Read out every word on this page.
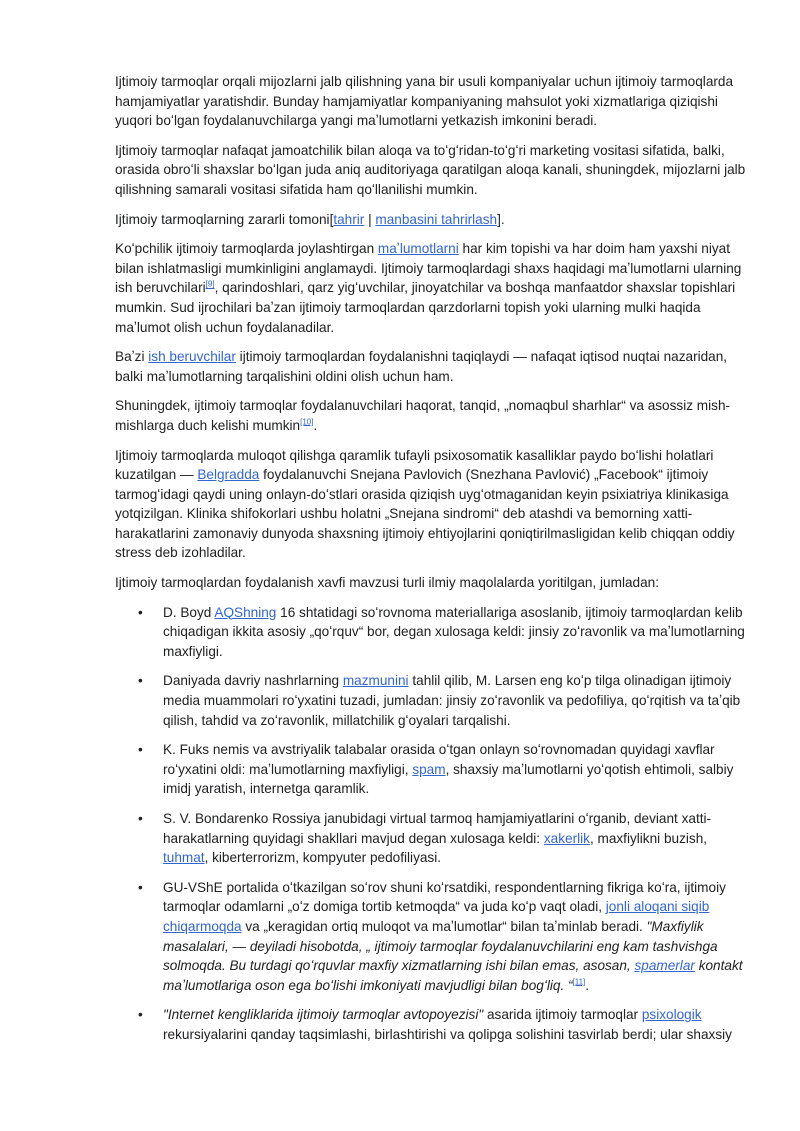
Ijtimoiy tarmoqlar orqali mijozlarni jalb qilishning yana bir usuli kompaniyalar uchun ijtimoiy tarmoqlarda hamjamiyatlar yaratishdir. Bunday hamjamiyatlar kompaniyaning mahsulot yoki xizmatlariga qiziqishi yuqori boʻlgan foydalanuvchilarga yangi maʼlumotlarni yetkazish imkonini beradi.

Ijtimoiy tarmoqlar nafaqat jamoatchilik bilan aloqa va toʻgʻridan-toʻgʻri marketing vositasi sifatida, balki, orasida obroʻli shaxslar boʻlgan juda aniq auditoriyaga qaratilgan aloqa kanali, shuningdek, mijozlarni jalb qilishning samarali vositasi sifatida ham qoʻllanilishi mumkin.

Ijtimoiy tarmoqlarning zararli tomoni[tahrir | manbasini tahrirlash].

Koʻpchilik ijtimoiy tarmoqlarda joylashtirgan maʼlumotlarni har kim topishi va har doim ham yaxshi niyat bilan ishlatmasligi mumkinligini anglamaydi. Ijtimoiy tarmoqlardagi shaxs haqidagi maʼlumotlarni ularning ish beruvchilari[9], qarindoshlari, qarz yigʻuvchilar, jinoyatchilar va boshqa manfaatdor shaxslar topishlari mumkin. Sud ijrochilari baʼzan ijtimoiy tarmoqlardan qarzdorlarni topish yoki ularning mulki haqida maʼlumot olish uchun foydalanadilar.

Baʼzi ish beruvchilar ijtimoiy tarmoqlardan foydalanishni taqiqlaydi — nafaqat iqtisod nuqtai nazaridan, balki maʼlumotlarning tarqalishini oldini olish uchun ham.

Shuningdek, ijtimoiy tarmoqlar foydalanuvchilari haqorat, tanqid, „nomaqbul sharhlar“ va asossiz mish-mishlarga duch kelishi mumkin[10].

Ijtimoiy tarmoqlarda muloqot qilishga qaramlik tufayli psixosomatik kasalliklar paydo boʻlishi holatlari kuzatilgan — Belgradda foydalanuvchi Snejana Pavlovich (Snezhana Pavlović) „Facebook“ ijtimoiy tarmogʻidagi qaydi uning onlayn-doʻstlari orasida qiziqish uygʻotmaganidan keyin psixiatriya klinikasiga yotqizilgan. Klinika shifokorlari ushbu holatni „Snejana sindromi“ deb atashdi va bemorning xatti-harakatlarini zamonaviy dunyoda shaxsning ijtimoiy ehtiyojlarini qoniqtirilmasligidan kelib chiqqan oddiy stress deb izohladilar.

Ijtimoiy tarmoqlardan foydalanish xavfi mavzusi turli ilmiy maqolalarda yoritilgan, jumladan:

• D. Boyd AQShning 16 shtatidagi soʻrovnoma materiallariga asoslanib, ijtimoiy tarmoqlardan kelib chiqadigan ikkita asosiy „qoʻrquv“ bor, degan xulosaga keldi: jinsiy zoʻravonlik va maʼlumotlarning maxfiyligi.
• Daniyada davriy nashrlarning mazmunini tahlil qilib, M. Larsen eng koʻp tilga olinadigan ijtimoiy media muammolari roʻyxatini tuzadi, jumladan: jinsiy zoʻravonlik va pedofiliya, qoʻrqitish va taʼqib qilish, tahdid va zoʻravonlik, millatchilik gʻoyalari tarqalishi.
• K. Fuks nemis va avstriyalik talabalar orasida oʻtgan onlayn soʻrovnomadan quyidagi xavflar roʻyxatini oldi: maʼlumotlarning maxfiyligi, spam, shaxsiy maʼlumotlarni yoʻqotish ehtimoli, salbiy imidj yaratish, internetga qaramlik.
• S. V. Bondarenko Rossiya janubidagi virtual tarmoq hamjamiyatlarini oʻrganib, deviant xatti-harakatlarning quyidagi shakllari mavjud degan xulosaga keldi: xakerlik, maxfiylikni buzish, tuhmat, kiberterrorizm, kompyuter pedofiliyasi.
• GU-VShE portalida oʻtkazilgan soʻrov shuni koʻrsatdiki, respondentlarning fikriga koʻra, ijtimoiy tarmoqlar odamlarni „oʻz domiga tortib ketmoqda“ va juda koʻp vaqt oladi, jonli aloqani siqib chiqarmoqda va „keragidan ortiq muloqot va maʼlumotlar“ bilan taʼminlab beradi. "Maxfiylik masalalari, — deyiladi hisobotda, „ ijtimoiy tarmoqlar foydalanuvchilarini eng kam tashvishga solmoqda. Bu turdagi qoʻrquvlar maxfiy xizmatlarning ishi bilan emas, asosan, spamerlar kontakt maʼlumotlariga oson ega boʻlishi imkoniyati mavjudligi bilan bogʻliq. “[11].
• "Internet kengliklarida ijtimoiy tarmoqlar avtopoyezisi" asarida ijtimoiy tarmoqlar psixologik rekursiyalarini qanday taqsimlashi, birlashtirishi va qolipga solishini tasvirlab berdi; ular shaxsiy
